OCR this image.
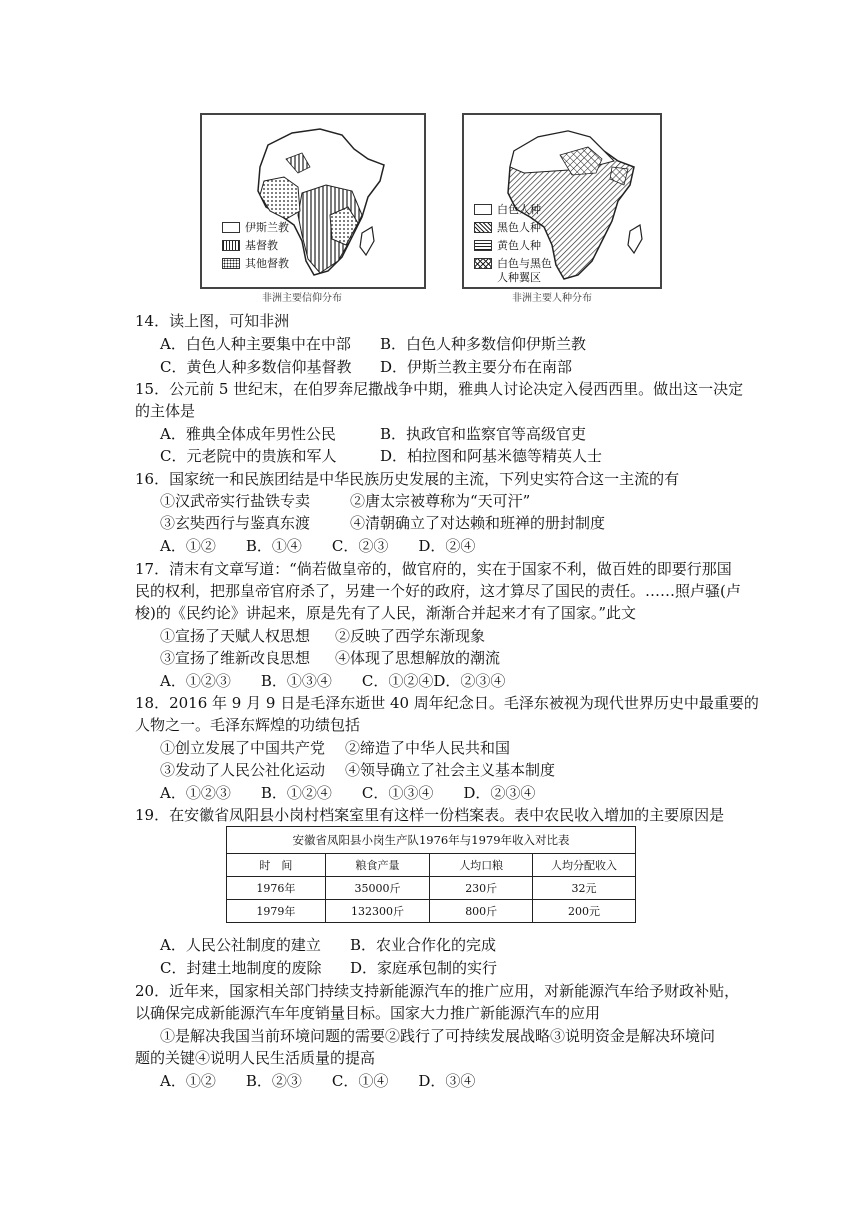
伊斯兰教
基督教
其他督教
非洲主要信仰分布
白色人种
黑色人种
黄色人种
白色与黑色
人种翼区
非洲主要人种分布
14．读上图，可知非洲
A．白色人种主要集中在中部 B．白色人种多数信仰伊斯兰教
C．黄色人种多数信仰基督教 D．伊斯兰教主要分布在南部
15．公元前 5 世纪末，在伯罗奔尼撒战争中期，雅典人讨论决定入侵西西里。做出这一决定
的主体是
A．雅典全体成年男性公民	B．执政官和监察官等高级官吏
C．元老院中的贵族和军人	D．柏拉图和阿基米德等精英人士
16．国家统一和民族团结是中华民族历史发展的主流，下列史实符合这一主流的有
①汉武帝实行盐铁专卖	②唐太宗被尊称为“天可汗”
③玄奘西行与鉴真东渡	④清朝确立了对达赖和班禅的册封制度
A．①②　　B．①④　　C．②③　　D．②④
17．清末有文章写道：“倘若做皇帝的，做官府的，实在于国家不利，做百姓的即要行那国
民的权利，把那皇帝官府杀了，另建一个好的政府，这才算尽了国民的责任。……照卢骚(卢
梭)的《民约论》讲起来，原是先有了人民，渐渐合并起来才有了国家。”此文
①宣扬了天赋人权思想 ②反映了西学东渐现象
③宣扬了维新改良思想 ④体现了思想解放的潮流
A．①②③　　B．①③④　　C．①②④D．②③④
18．2016 年 9 月 9 日是毛泽东逝世 40 周年纪念日。毛泽东被视为现代世界历史中最重要的
人物之一。毛泽东辉煌的功绩包括
①创立发展了中国共产党 ②缔造了中华人民共和国
③发动了人民公社化运动 ④领导确立了社会主义基本制度
A．①②③　　B．①②④　　C．①③④　　D．②③④
19．在安徽省凤阳县小岗村档案室里有这样一份档案表。表中农民收入增加的主要原因是
安徽省凤阳县小岗生产队1976年与1979年收入对比表			
时　间	粮食产量	人均口粮	人均分配收入
1976年	35000斤	230斤	32元
1979年	132300斤	800斤	200元
A．人民公社制度的建立 B．农业合作化的完成
C．封建土地制度的废除 D．家庭承包制的实行
20．近年来，国家相关部门持续支持新能源汽车的推广应用，对新能源汽车给予财政补贴，
以确保完成新能源汽车年度销量目标。国家大力推广新能源汽车的应用
①是解决我国当前环境问题的需要②践行了可持续发展战略③说明资金是解决环境问
题的关键④说明人民生活质量的提高
A．①②　　B．②③　　C．①④　　D．③④
